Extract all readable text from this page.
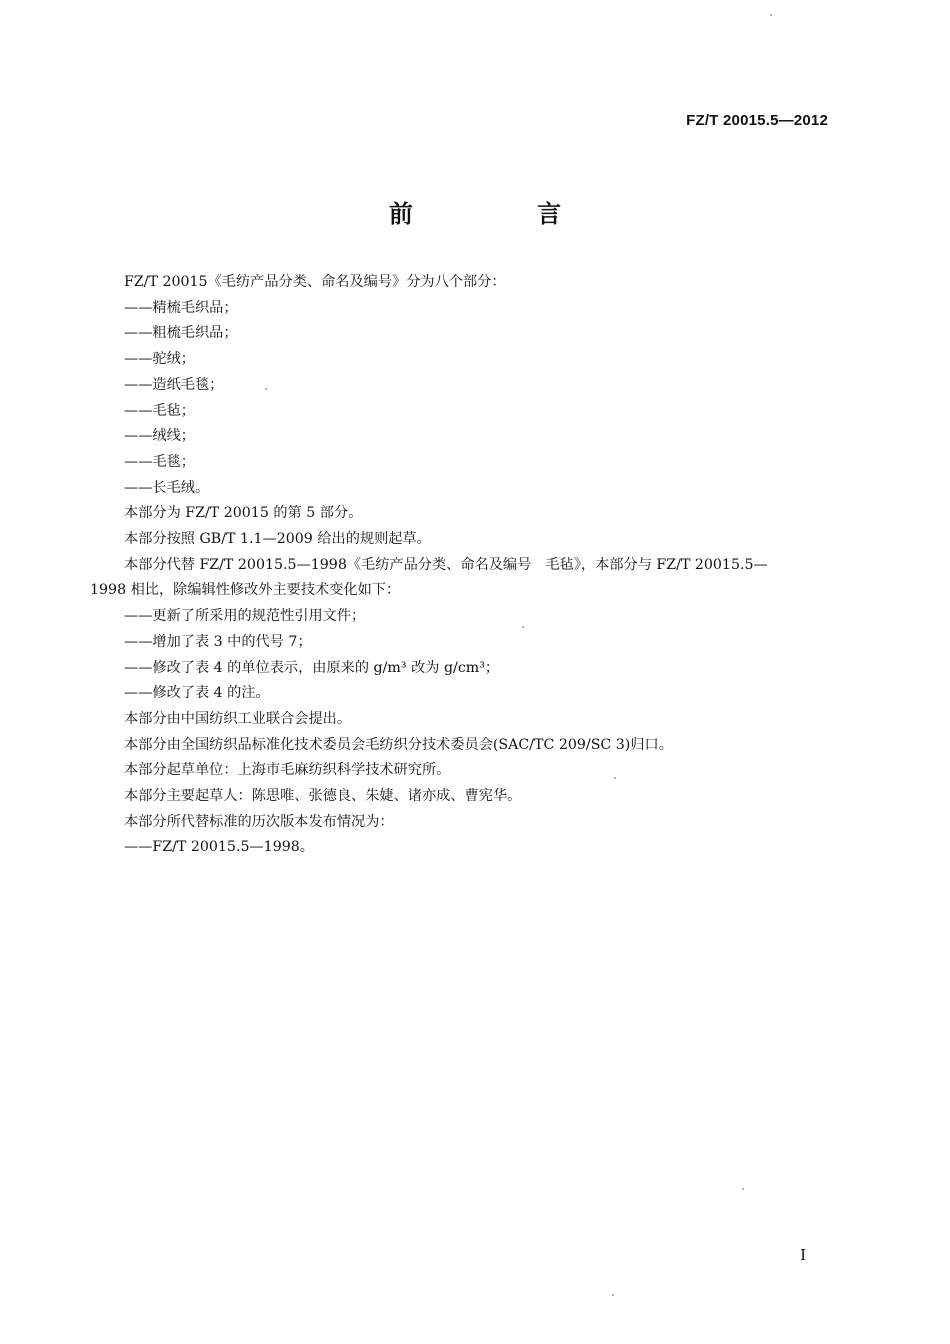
FZ/T 20015.5—2012
前 言

FZ/T 20015《毛纺产品分类、命名及编号》分为八个部分：

——精梳毛织品；

——粗梳毛织品；

——驼绒；

——造纸毛毯；

——毛毡；

——绒线；

——毛毯；

——长毛绒。

本部分为 FZ/T 20015 的第 5 部分。

本部分按照 GB/T 1.1—2009 给出的规则起草。

本部分代替 FZ/T 20015.5—1998《毛纺产品分类、命名及编号　毛毡》，本部分与 FZ/T 20015.5—

1998 相比，除编辑性修改外主要技术变化如下：

——更新了所采用的规范性引用文件；

——增加了表 3 中的代号 7；

——修改了表 4 的单位表示，由原来的 g/m³ 改为 g/cm³；

——修改了表 4 的注。

本部分由中国纺织工业联合会提出。

本部分由全国纺织品标准化技术委员会毛纺织分技术委员会(SAC/TC 209/SC 3)归口。

本部分起草单位：上海市毛麻纺织科学技术研究所。

本部分主要起草人：陈思唯、张德良、朱婕、诸亦成、曹宪华。

本部分所代替标准的历次版本发布情况为：

——FZ/T 20015.5—1998。

I
